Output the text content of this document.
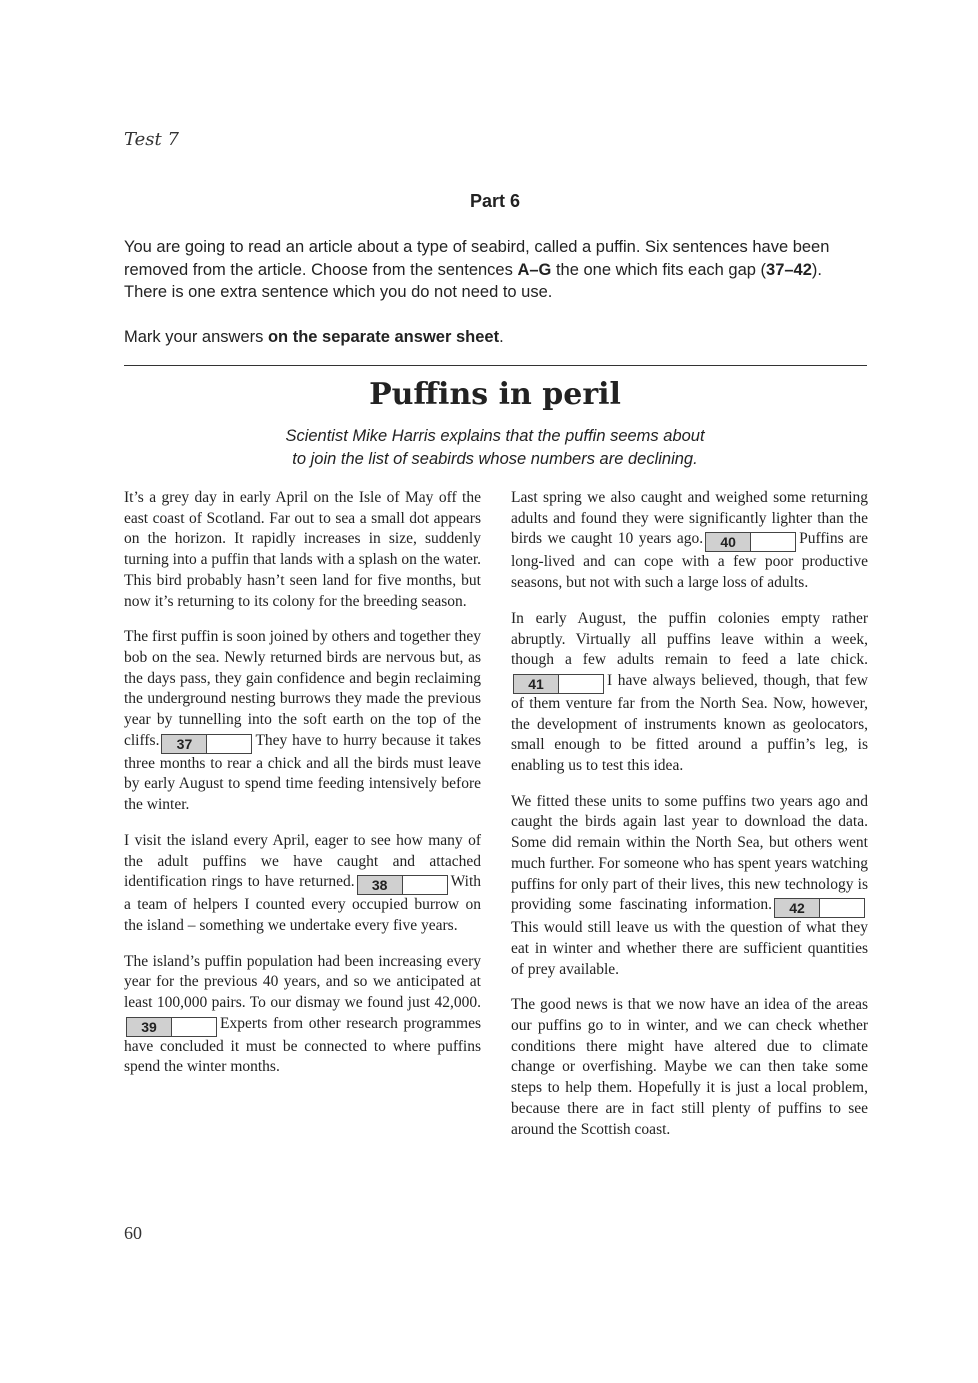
Test 7
Part 6

You are going to read an article about a type of seabird, called a puffin. Six sentences have been removed from the article. Choose from the sentences A–G the one which fits each gap (37–42). There is one extra sentence which you do not need to use.

Mark your answers on the separate answer sheet.

Puffins in peril
Scientist Mike Harris explains that the puffin seems about
to join the list of seabirds whose numbers are declining.

It’s a grey day in early April on the Isle of May off the east coast of Scotland. Far out to sea a small dot appears on the horizon. It rapidly increases in size, suddenly turning into a puffin that lands with a splash on the water. This bird probably hasn’t seen land for five months, but now it’s returning to its colony for the breeding season.

The first puffin is soon joined by others and together they bob on the sea. Newly returned birds are nervous but, as the days pass, they gain confidence and begin reclaiming the underground nesting burrows they made the previous year by tunnelling into the soft earth on the top of the cliffs.	37	They have to hurry because it takes three months to rear a chick and all the birds must leave by early August to spend time feeding intensively before the winter.

I visit the island every April, eager to see how many of the adult puffins we have caught and attached identification rings to have returned.	38	With a team of helpers I counted every occupied burrow on the island – something we undertake every five years.

The island’s puffin population had been increasing every year for the previous 40 years, and so we anticipated at least 100,000 pairs. To our dismay we found just 42,000.
39	Experts from other research programmes have concluded it must be connected to where puffins spend the winter months.

Last spring we also caught and weighed some returning adults and found they were significantly lighter than the birds we caught 10 years ago.	40	Puffins are long-lived and can cope with a few poor productive seasons, but not with such a large loss of adults.

In early August, the puffin colonies empty rather abruptly. Virtually all puffins leave within a week, though a few adults remain to feed a late chick.
41	I have always believed, though, that few of them venture far from the North Sea. Now, however, the development of instruments known as geolocators, small enough to be fitted around a puffin’s leg, is enabling us to test this idea.

We fitted these units to some puffins two years ago and caught the birds again last year to download the data. Some did remain within the North Sea, but others went much further. For someone who has spent years watching puffins for only part of their lives, this new technology is providing some fascinating information.	42
This would still leave us with the question of what they eat in winter and whether there are sufficient quantities of prey available.

The good news is that we now have an idea of the areas our puffins go to in winter, and we can check whether conditions there might have altered due to climate change or overfishing. Maybe we can then take some steps to help them. Hopefully it is just a local problem, because there are in fact still plenty of puffins to see around the Scottish coast.

60
